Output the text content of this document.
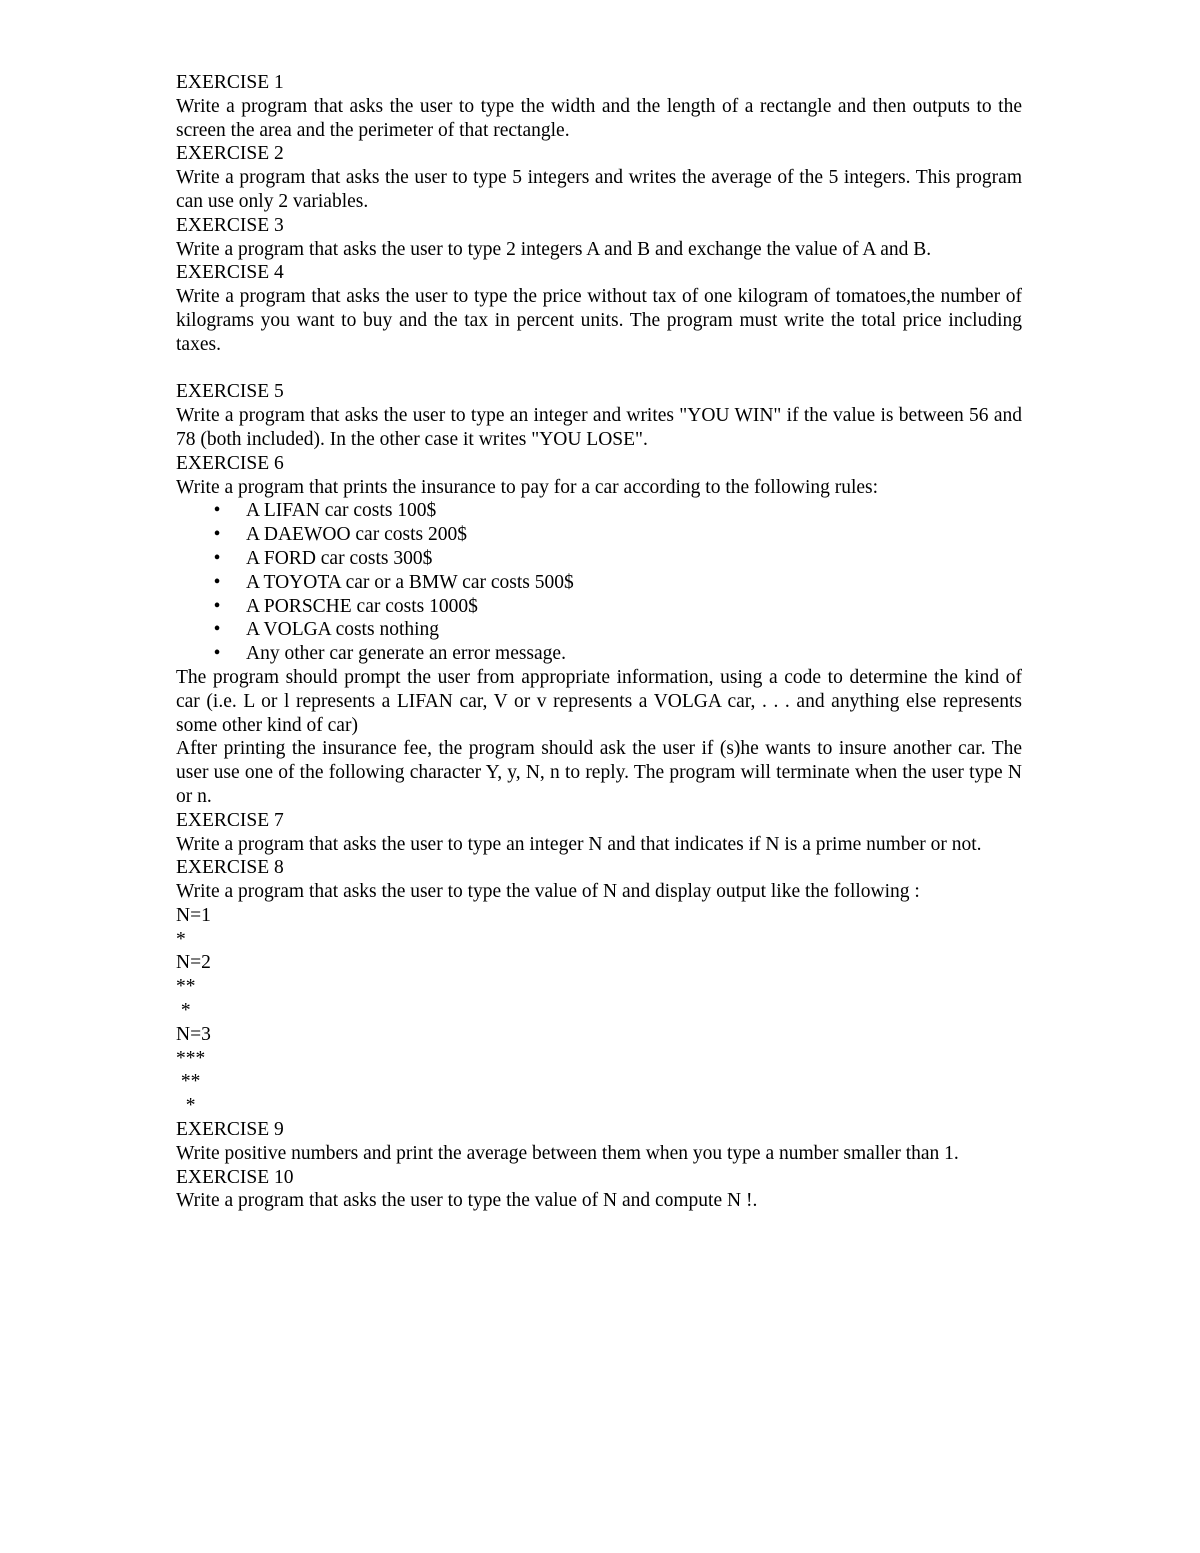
EXERCISE 1

Write a program that asks the user to type the width and the length of a rectangle and then outputs to the screen the area and the perimeter of that rectangle.

EXERCISE 2

Write a program that asks the user to type 5 integers and writes the average of the 5 integers. This program can use only 2 variables.

EXERCISE 3

Write a program that asks the user to type 2 integers A and B and exchange the value of A and B.

EXERCISE 4

Write a program that asks the user to type the price without tax of one kilogram of tomatoes,the number of kilograms you want to buy and the tax in percent units. The program must write the total price including taxes.

EXERCISE 5

Write a program that asks the user to type an integer and writes "YOU WIN" if the value is between 56 and 78 (both included). In the other case it writes "YOU LOSE".

EXERCISE 6

Write a program that prints the insurance to pay for a car according to the following rules:

• A LIFAN car costs 100$
• A DAEWOO car costs 200$
• A FORD car costs 300$
• A TOYOTA car or a BMW car costs 500$
• A PORSCHE car costs 1000$
• A VOLGA costs nothing
• Any other car generate an error message.

The program should prompt the user from appropriate information, using a code to determine the kind of car (i.e. L or l represents a LIFAN car, V or v represents a VOLGA car, . . . and anything else represents some other kind of car)

After printing the insurance fee, the program should ask the user if (s)he wants to insure another car. The user use one of the following character Y, y, N, n to reply. The program will terminate when the user type N or n.

EXERCISE 7

Write a program that asks the user to type an integer N and that indicates if N is a prime number or not.

EXERCISE 8

Write a program that asks the user to type the value of N and display output like the following :

N=1

*

N=2

**

*

N=3

***

**

*

EXERCISE 9

Write positive numbers and print the average between them when you type a number smaller than 1.

EXERCISE 10

Write a program that asks the user to type the value of N and compute N !.
